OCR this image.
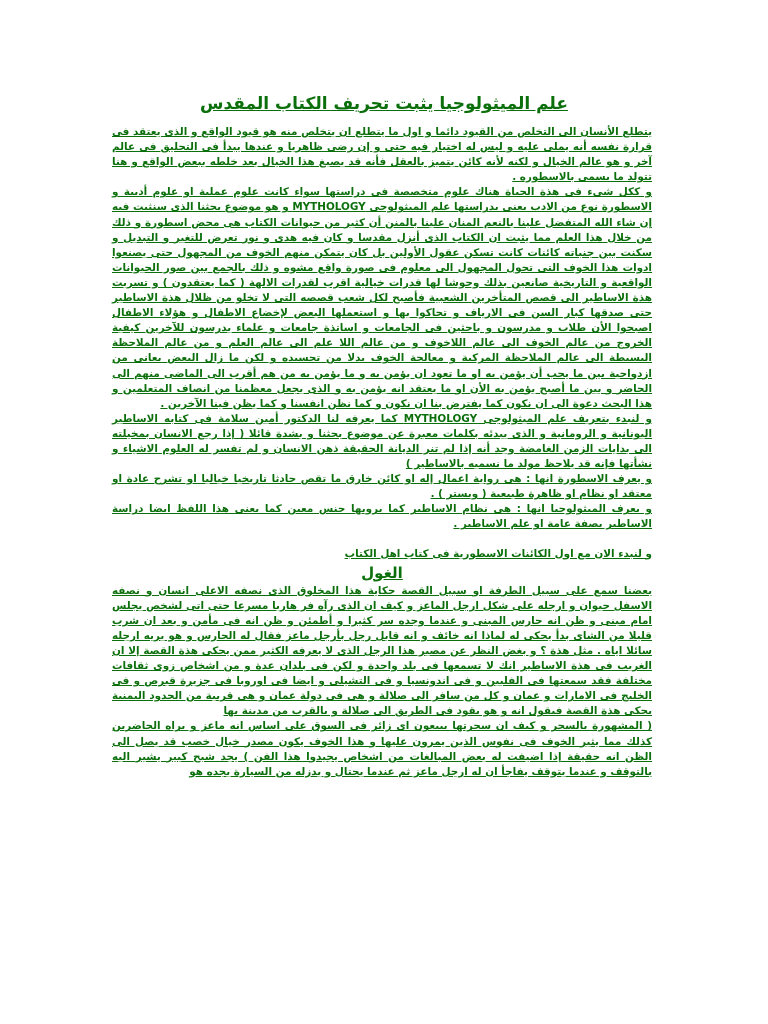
علم الميثولوجيا يثبت تحريف الكتاب المقدس

يتطلع الأنسان الى التخلص من القيود دائما و اول ما يتطلع ان يتخلص منه هو قيود الواقع و الذى يعتقد فى قرارة نفسه أنه يملى عليه و ليس له اختيار فيه حتى و إن رضى ظاهريا و عندها يبدأ فى التحليق فى عالم آخر و هو عالم الخيال و لكنه لأنه كائن يتميز بالعقل فأنه قد يصبغ هذا الخيال بعد خلطه ببعض الواقع و هنا تتولد ما يسمى بالاسطوره .

و ككل شىء فى هذة الحياة هناك علوم متخصصة فى دراستها سواء كانت علوم عملية او علوم أدبية و الاسطورة نوع من الادب يعنى بدراستها علم الميثولوجى MYTHOLOGY و هو موضوع بحثنا الذى سنثبت فيه إن شاء الله المتفضل علينا بالنعم المنان علينا بالمنن أن كثير من حيوانات الكتاب هى محض اسطورة و ذلك من خلال هذا العلم مما يثبت ان الكتاب الذى أنزل مقدسا و كان فيه هدى و نور تعرض للتغير و التبديل و سكنت بين جنباته كائنات كانت تسكن عقول الأولين بل كان يتمكن منهم الخوف من المجهول حتى يصنعوا ادوات هذا الخوف التى تحول المجهول الى معلوم فى صورة واقع مشوه و ذلك بالجمع بين صور الحيوانات الواقعية و التاريخية صانعين بذلك وحوشا لها قدرات خيالية اقرب لقدرات الالهة ( كما يعتقدون ) و تسربت هذة الاساطير الى قصص المتأخرين الشعبية فأصبح لكل شعب قصصه التى لا تخلو من ظلال هذة الاساطير حتى صدقها كبار السن فى الارياف و تحاكوا بها و استعملها البعض لإخضاع الاطفال و هؤلاء الاطفال اصبحوا الأن طلاب و مدرسون و باحثين فى الجامعات و اساتذة جامعات و علماء يدرسون للآخرين كيفية الخروج من عالم الخوف الى عالم اللاخوف و من عالم اللا علم الى عالم العلم و من عالم الملاحظة البسيطة الى عالم الملاحظة المركبة و معالجة الخوف بدلا من تجسيده و لكن ما زال البعض يعانى من ازدواجية بين ما يجب أن يؤمن به او ما تعود ان يؤمن به و ما يؤمن به من هم أقرب الى الماضى منهم الى الحاضر و بين ما أصبح يؤمن به الأن او ما يعتقد انه يؤمن به و الذى يجعل معظمنا من انصاف المتعلمين و هذا البحث دعوة الى ان نكون كما يفترض بنا ان نكون و كما نظن انفسنا و كما يظن فينا الآخرين .

و لنبدء بتعريف علم الميثولوجى MYTHOLOGY كما يعرفه لنا الدكتور أمين سلامة فى كتابه الاساطير اليونانية و الرومانية و الذى يبدئه بكلمات معبرة عن موضوع بحثنا و بشدة قائلا ( إذا رجع الانسان بمخيلته الى بدايات الزمن الغامضة وجد أنه إذا لم تنر الديانة الحقيقة ذهن الانسان و لم تفسر له العلوم الاشياء و نشأتها فإنه قد يلاحظ مولد ما نسميه بالاساطير )

و يعرف الاسطورة انها : هى رواية اعمال إله او كائن خارق ما تقص حادثا تاريخيا خياليا او تشرح عادة او معتقد او نظام او ظاهرة طبيعية ( ويستر ) .

و يعرف الميثولوجيا انها : هى نظام الاساطير كما يرويها جنس معين كما يعنى هذا اللفظ ايضا دراسة الاساطير بصفة عامة او علم الاساطير .

و لنبدء الان مع اول الكائنات الاسطورية فى كتاب اهل الكتاب

الغول

بعضنا سمع على سبيل الطرفة او سبيل القصة حكاية هذا المخلوق الذى نصفه الاعلى انسان و نصفه الاسفل حيوان و ارجله على شكل ارجل الماعز و كيف ان الذى رآه فر هاربا مسرعا حتى اتى لشخص يجلس امام مبنى و ظن انه حارس المبنى و عندما وجده سر كثيرا و أطمئن و ظن انه فى مأمن و بعد ان شرب قليلا من الشاى بدأ يحكى له لماذا انه خائف و انه قابل رجل بأرجل ماعز فقال له الحارس و هو يريه ارجله سائلا اياه . مثل هذة ؟ و بغض النظر عن مصير هذا الرجل الذى لا يعرفه الكثير ممن يحكى هذة القصة إلا ان الغريب فى هذة الاساطير انك لا تسمعها فى بلد واحدة و لكن فى بلدان عدة و من اشخاص زوى ثقافات مختلفة فقد سمعتها فى الفلبين و فى اندونسيا و فى التشيلى و ايضا فى اوروبا فى جزيرة قبرص و فى الخليج فى الامارات و عمان و كل من سافر الى صلالة و هى فى دولة عمان و هى قريبة من الحدود اليمنية يحكى هذة القصة فيقول انه و هو يقود فى الطريق الى صلالة و بالقرب من مدينة بها

( المشهورة بالسحر و كيف ان سحرتها يبيعون اى زائر فى السوق على اساس انه ماعز و يراه الحاضرين كذلك مما يثير الخوف فى نفوس الذين يمرون عليها و هذا الخوف يكون مصدر خيال خصب قد يصل الى الظن انه حقيقة إذا اضيفت له بعض المبالغات من اشخاص يجيدوا هذا الفن ) يجد شبح كبير يشير اليه بالتوقف و عندما يتوقف يفاجأ ان له ارجل ماعز ثم عندما يحتال و يدزله من السيارة يجده هو
